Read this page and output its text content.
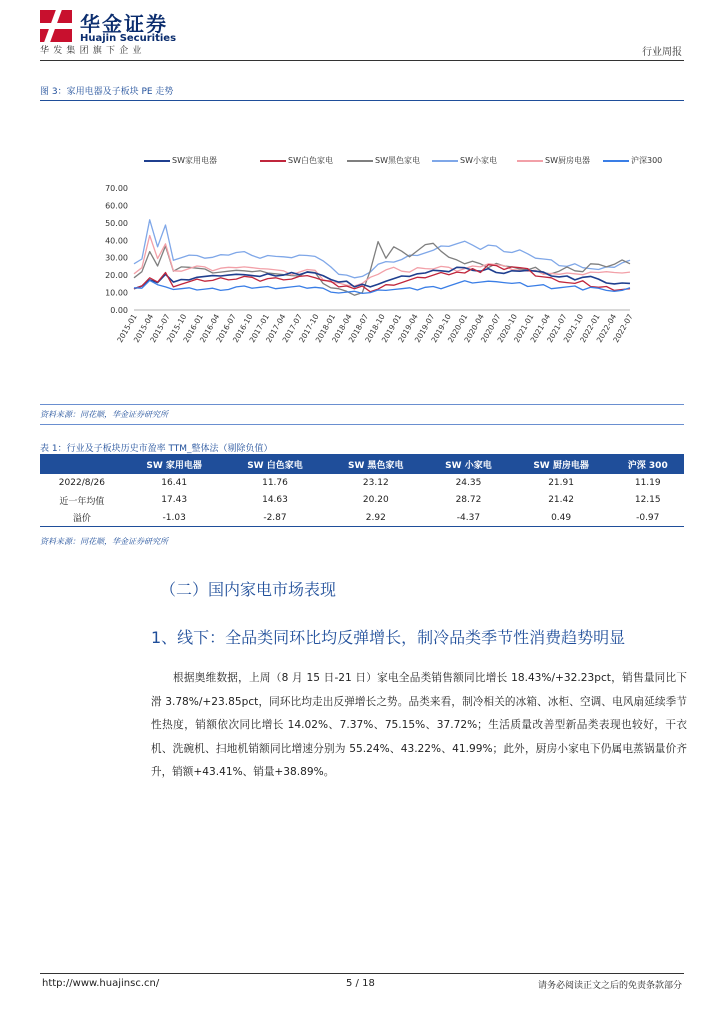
华金证券
Huajin Securities
华发集团旗下企业	行业周报
图 3：家用电器及子板块 PE 走势
SW家用电器	SW白色家电	SW黑色家电	SW小家电	SW厨房电器	沪深300
0.00
10.00
20.00
30.00
40.00
50.00
60.00
70.00
2015-01
2015-04
2015-07
2015-10
2016-01
2016-04
2016-07
2016-10
2017-01
2017-04
2017-07
2017-10
2018-01
2018-04
2018-07
2018-10
2019-01
2019-04
2019-07
2019-10
2020-01
2020-04
2020-07
2020-10
2021-01
2021-04
2021-07
2021-10
2022-01
2022-04
2022-07
资料来源：同花顺，华金证券研究所
表 1：行业及子板块历史市盈率 TTM_整体法（剔除负值）
	SW 家用电器	SW 白色家电	SW 黑色家电	SW 小家电	SW 厨房电器	沪深 300
2022/8/26	16.41	11.76	23.12	24.35	21.91	11.19
近一年均值	17.43	14.63	20.20	28.72	21.42	12.15
溢价	-1.03	-2.87	2.92	-4.37	0.49	-0.97
资料来源：同花顺，华金证券研究所
（二）国内家电市场表现
1、线下：全品类同环比均反弹增长，制冷品类季节性消费趋势明显
根据奥维数据，上周（8 月 15 日-21 日）家电全品类销售额同比增长 18.43%/+32.23pct，销售量同比下滑 3.78%/+23.85pct，同环比均走出反弹增长之势。品类来看，制冷相关的冰箱、冰柜、空调、电风扇延续季节性热度，销额依次同比增长 14.02%、7.37%、75.15%、37.72%；生活质量改善型新品类表现也较好，干衣机、洗碗机、扫地机销额同比增速分别为 55.24%、43.22%、41.99%；此外，厨房小家电下仍属电蒸锅量价齐升，销额+43.41%、销量+38.89%。
http://www.huajinsc.cn/	5 / 18	请务必阅读正文之后的免责条款部分
